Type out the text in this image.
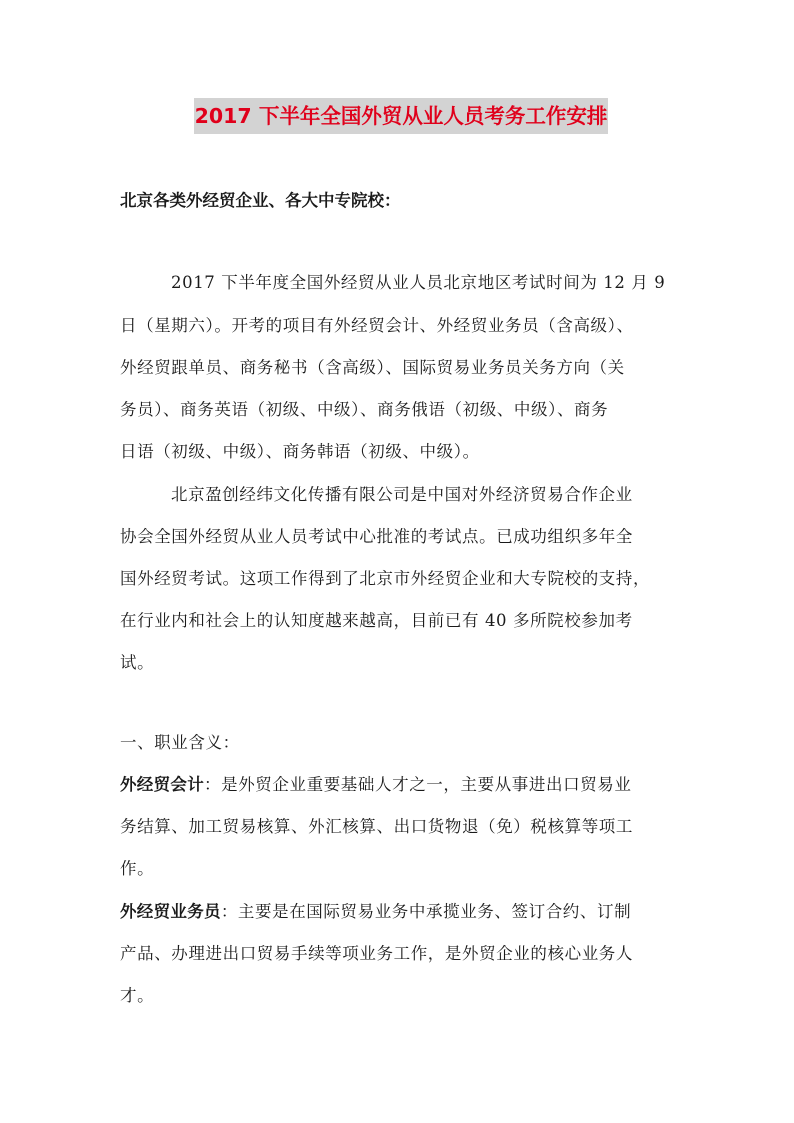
2017 下半年全国外贸从业人员考务工作安排
北京各类外经贸企业、各大中专院校：
2017 下半年度全国外经贸从业人员北京地区考试时间为 12 月 9
日（星期六）。开考的项目有外经贸会计、外经贸业务员（含高级）、
外经贸跟单员、商务秘书（含高级）、国际贸易业务员关务方向（关
务员）、商务英语（初级、中级）、商务俄语（初级、中级）、商务
日语（初级、中级）、商务韩语（初级、中级）。
北京盈创经纬文化传播有限公司是中国对外经济贸易合作企业
协会全国外经贸从业人员考试中心批准的考试点。已成功组织多年全
国外经贸考试。这项工作得到了北京市外经贸企业和大专院校的支持，
在行业内和社会上的认知度越来越高，目前已有 40 多所院校参加考
试。
一、职业含义：
外经贸会计：是外贸企业重要基础人才之一，主要从事进出口贸易业
务结算、加工贸易核算、外汇核算、出口货物退（免）税核算等项工
作。
外经贸业务员：主要是在国际贸易业务中承揽业务、签订合约、订制
产品、办理进出口贸易手续等项业务工作，是外贸企业的核心业务人
才。
